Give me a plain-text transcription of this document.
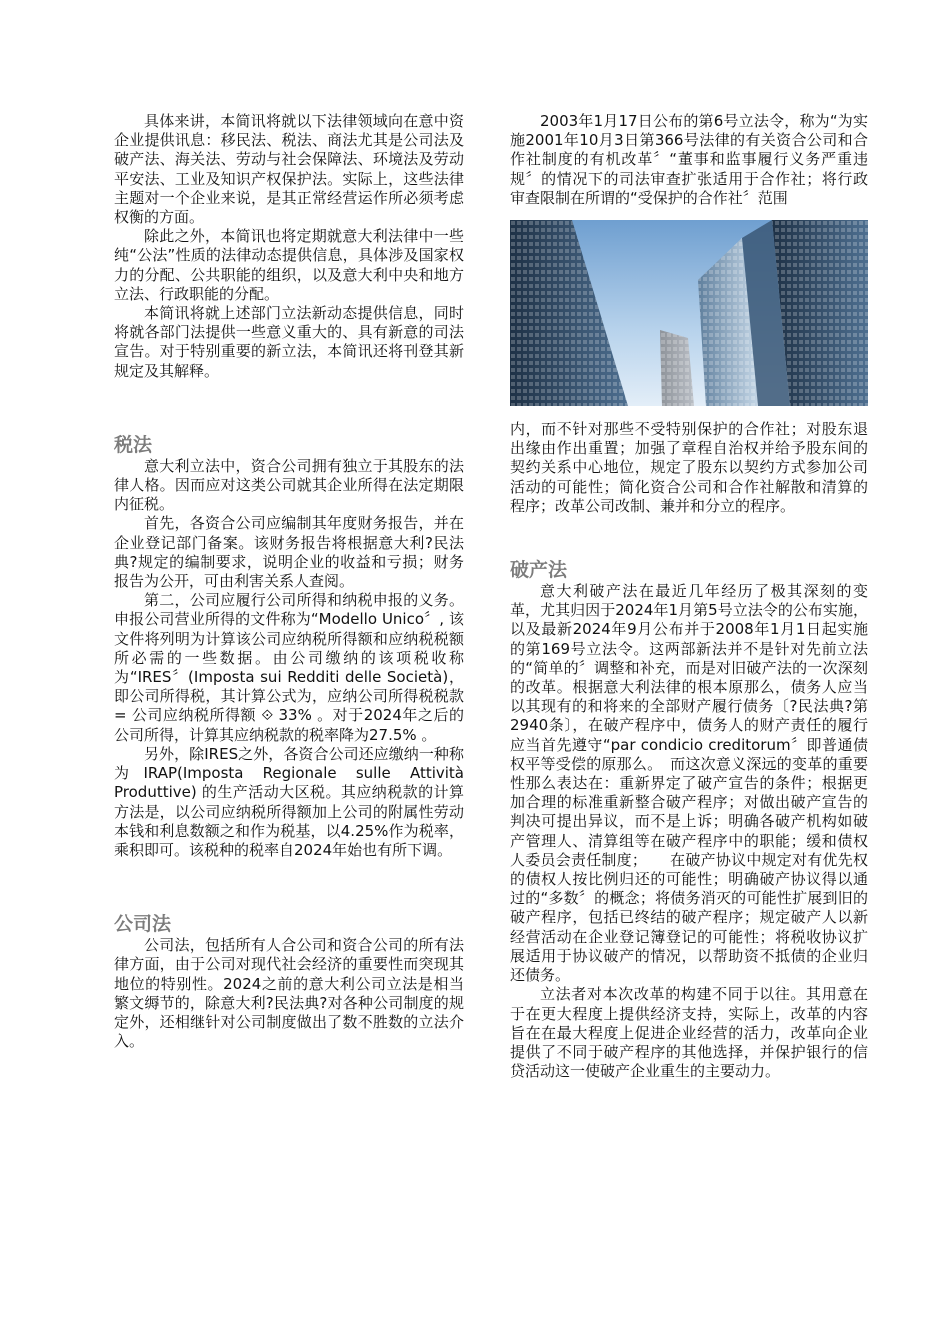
具体来讲，本简讯将就以下法律领域向在意中资企业提供讯息：移民法、税法、商法尤其是公司法及破产法、海关法、劳动与社会保障法、环境法及劳动平安法、工业及知识产权保护法。实际上，这些法律主题对一个企业来说，是其正常经营运作所必须考虑权衡的方面。

除此之外，本简讯也将定期就意大利法律中一些纯“公法”性质的法律动态提供信息，具体涉及国家权力的分配、公共职能的组织，以及意大利中央和地方立法、行政职能的分配。

本简讯将就上述部门立法新动态提供信息，同时将就各部门法提供一些意义重大的、具有新意的司法宣告。对于特别重要的新立法，本简讯还将刊登其新规定及其解释。

税法

意大利立法中，资合公司拥有独立于其股东的法律人格。因而应对这类公司就其企业所得在法定期限内征税。

首先，各资合公司应编制其年度财务报告，并在企业登记部门备案。该财务报告将根据意大利?民法典?规定的编制要求，说明企业的收益和亏损；财务报告为公开，可由利害关系人查阅。

第二，公司应履行公司所得和纳税申报的义务。申报公司营业所得的文件称为“Modello Unico〞, 该文件将列明为计算该公司应纳税所得额和应纳税税额所必需的一些数据。由公司缴纳的该项税收称为“IRES〞(Imposta sui Redditi delle Società)，即公司所得税，其计算公式为，应纳公司所得税税款 = 公司应纳税所得额 ⟐ 33% 。对于2024年之后的公司所得，计算其应纳税款的税率降为27.5% 。

另外，除IRES之外，各资合公司还应缴纳一种称为IRAP(Imposta Regionale sulle Attività Produttive) 的生产活动大区税。其应纳税款的计算方法是，以公司应纳税所得额加上公司的附属性劳动本钱和利息数额之和作为税基，以4.25%作为税率，乘积即可。该税种的税率自2024年始也有所下调。

公司法

公司法，包括所有人合公司和资合公司的所有法律方面，由于公司对现代社会经济的重要性而突现其地位的特别性。2024之前的意大利公司立法是相当繁文缛节的，除意大利?民法典?对各种公司制度的规定外，还相继针对公司制度做出了数不胜数的立法介入。

2003年1月17日公布的第6号立法令，称为“为实施2001年10月3日第366号法律的有关资合公司和合作社制度的有机改革〞“董事和监事履行义务严重违规〞的情况下的司法审查扩张适用于合作社；将行政审查限制在所谓的“受保护的合作社〞范围

内，而不针对那些不受特别保护的合作社；对股东退出缘由作出重置；加强了章程自治权并给予股东间的契约关系中心地位，规定了股东以契约方式参加公司活动的可能性；简化资合公司和合作社解散和清算的程序；改革公司改制、兼并和分立的程序。

破产法

意大利破产法在最近几年经历了极其深刻的变革，尤其归因于2024年1月第5号立法令的公布实施，以及最新2024年9月公布并于2008年1月1日起实施的第169号立法令。这两部新法并不是针对先前立法的“简单的〞调整和补充，而是对旧破产法的一次深刻的改革。根据意大利法律的根本原那么，债务人应当以其现有的和将来的全部财产履行债务〔?民法典?第2940条〕，在破产程序中，债务人的财产责任的履行应当首先遵守“par condicio creditorum〞即普通债权平等受偿的原那么。　而这次意义深远的变革的重要性那么表达在：重新界定了破产宣告的条件；根据更加合理的标准重新整合破产程序；对做出破产宣告的判决可提出异议，而不是上诉；明确各破产机构如破产管理人、清算组等在破产程序中的职能；缓和债权人委员会责任制度；　　在破产协议中规定对有优先权的债权人按比例归还的可能性；明确破产协议得以通过的“多数〞的概念；将债务消灭的可能性扩展到旧的破产程序，包括已终结的破产程序；规定破产人以新经营活动在企业登记簿登记的可能性；将税收协议扩展适用于协议破产的情况，以帮助资不抵债的企业归还债务。

立法者对本次改革的构建不同于以往。其用意在于在更大程度上提供经济支持，实际上，改革的内容旨在在最大程度上促进企业经营的活力，改革向企业提供了不同于破产程序的其他选择，并保护银行的信贷活动这一使破产企业重生的主要动力。
